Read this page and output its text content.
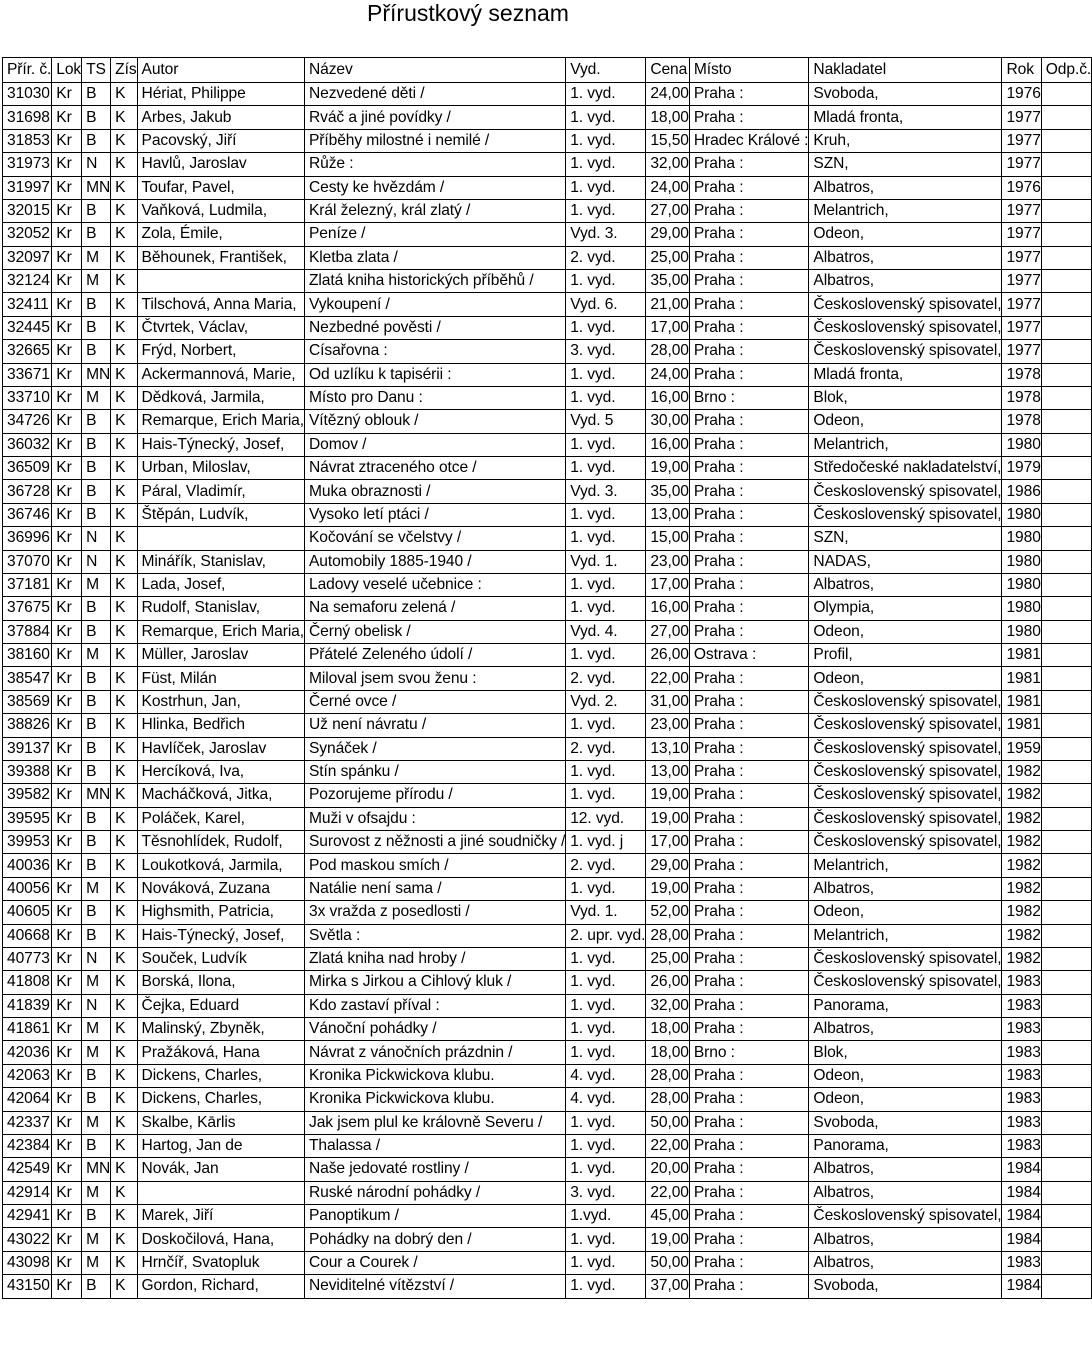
Přírustkový seznam
Přír. č.	Lok	TS	Zís	Autor	Název	Vyd.	Cena	Místo	Nakladatel	Rok	Odp.č.
31030	Kr	B	K	Hériat, Philippe	Nezvedené děti /	1. vyd.	24,00	Praha :	Svoboda,	1976	
31698	Kr	B	K	Arbes, Jakub	Rváč a jiné povídky /	1. vyd.	18,00	Praha :	Mladá fronta,	1977	
31853	Kr	B	K	Pacovský, Jiří	Příběhy milostné i nemilé /	1. vyd.	15,50	Hradec Králové :	Kruh,	1977	
31973	Kr	N	K	Havlů, Jaroslav	Růže :	1. vyd.	32,00	Praha :	SZN,	1977	
31997	Kr	MN	K	Toufar, Pavel,	Cesty ke hvězdám /	1. vyd.	24,00	Praha :	Albatros,	1976	
32015	Kr	B	K	Vaňková, Ludmila,	Král železný, král zlatý /	1. vyd.	27,00	Praha :	Melantrich,	1977	
32052	Kr	B	K	Zola, Émile,	Peníze /	Vyd. 3.	29,00	Praha :	Odeon,	1977	
32097	Kr	M	K	Běhounek, František,	Kletba zlata /	2. vyd.	25,00	Praha :	Albatros,	1977	
32124	Kr	M	K		Zlatá kniha historických příběhů /	1. vyd.	35,00	Praha :	Albatros,	1977	
32411	Kr	B	K	Tilschová, Anna Maria,	Vykoupení /	Vyd. 6.	21,00	Praha :	Československý spisovatel,	1977	
32445	Kr	B	K	Čtvrtek, Václav,	Nezbedné pověsti /	1. vyd.	17,00	Praha :	Československý spisovatel,	1977	
32665	Kr	B	K	Frýd, Norbert,	Císařovna :	3. vyd.	28,00	Praha :	Československý spisovatel,	1977	
33671	Kr	MN	K	Ackermannová, Marie,	Od uzlíku k tapisérii :	1. vyd.	24,00	Praha :	Mladá fronta,	1978	
33710	Kr	M	K	Dědková, Jarmila,	Místo pro Danu :	1. vyd.	16,00	Brno :	Blok,	1978	
34726	Kr	B	K	Remarque, Erich Maria,	Vítězný oblouk /	Vyd. 5	30,00	Praha :	Odeon,	1978	
36032	Kr	B	K	Hais-Týnecký, Josef,	Domov /	1. vyd.	16,00	Praha :	Melantrich,	1980	
36509	Kr	B	K	Urban, Miloslav,	Návrat ztraceného otce /	1. vyd.	19,00	Praha :	Středočeské nakladatelství,	1979	
36728	Kr	B	K	Páral, Vladimír,	Muka obraznosti /	Vyd. 3.	35,00	Praha :	Československý spisovatel,	1986	
36746	Kr	B	K	Štěpán, Ludvík,	Vysoko letí ptáci /	1. vyd.	13,00	Praha :	Československý spisovatel,	1980	
36996	Kr	N	K		Kočování se včelstvy /	1. vyd.	15,00	Praha :	SZN,	1980	
37070	Kr	N	K	Minářík, Stanislav,	Automobily 1885-1940 /	Vyd. 1.	23,00	Praha :	NADAS,	1980	
37181	Kr	M	K	Lada, Josef,	Ladovy veselé učebnice :	1. vyd.	17,00	Praha :	Albatros,	1980	
37675	Kr	B	K	Rudolf, Stanislav,	Na semaforu zelená /	1. vyd.	16,00	Praha :	Olympia,	1980	
37884	Kr	B	K	Remarque, Erich Maria,	Černý obelisk /	Vyd. 4.	27,00	Praha :	Odeon,	1980	
38160	Kr	M	K	Müller, Jaroslav	Přátelé Zeleného údolí /	1. vyd.	26,00	Ostrava :	Profil,	1981	
38547	Kr	B	K	Füst, Milán	Miloval jsem svou ženu :	2. vyd.	22,00	Praha :	Odeon,	1981	
38569	Kr	B	K	Kostrhun, Jan,	Černé ovce /	Vyd. 2.	31,00	Praha :	Československý spisovatel,	1981	
38826	Kr	B	K	Hlinka, Bedřich	Už není návratu /	1. vyd.	23,00	Praha :	Československý spisovatel,	1981	
39137	Kr	B	K	Havlíček, Jaroslav	Synáček /	2. vyd.	13,10	Praha :	Československý spisovatel,	1959	
39388	Kr	B	K	Hercíková, Iva,	Stín spánku /	1. vyd.	13,00	Praha :	Československý spisovatel,	1982	
39582	Kr	MN	K	Macháčková, Jitka,	Pozorujeme přírodu /	1. vyd.	19,00	Praha :	Československý spisovatel,	1982	
39595	Kr	B	K	Poláček, Karel,	Muži v ofsajdu :	12. vyd.	19,00	Praha :	Československý spisovatel,	1982	
39953	Kr	B	K	Těsnohlídek, Rudolf,	Surovost z něžnosti a jiné soudničky /	1. vyd. j	17,00	Praha :	Československý spisovatel,	1982	
40036	Kr	B	K	Loukotková, Jarmila,	Pod maskou smích /	2. vyd.	29,00	Praha :	Melantrich,	1982	
40056	Kr	M	K	Nováková, Zuzana	Natálie není sama /	1. vyd.	19,00	Praha :	Albatros,	1982	
40605	Kr	B	K	Highsmith, Patricia,	3x vražda z posedlosti /	Vyd. 1.	52,00	Praha :	Odeon,	1982	
40668	Kr	B	K	Hais-Týnecký, Josef,	Světla :	2. upr. vyd.	28,00	Praha :	Melantrich,	1982	
40773	Kr	N	K	Souček, Ludvík	Zlatá kniha nad hroby /	1. vyd.	25,00	Praha :	Československý spisovatel,	1982	
41808	Kr	M	K	Borská, Ilona,	Mirka s Jirkou a Cihlový kluk /	1. vyd.	26,00	Praha :	Československý spisovatel,	1983	
41839	Kr	N	K	Čejka, Eduard	Kdo zastaví příval :	1. vyd.	32,00	Praha :	Panorama,	1983	
41861	Kr	M	K	Malinský, Zbyněk,	Vánoční pohádky /	1. vyd.	18,00	Praha :	Albatros,	1983	
42036	Kr	M	K	Pražáková, Hana	Návrat z vánočních prázdnin /	1. vyd.	18,00	Brno :	Blok,	1983	
42063	Kr	B	K	Dickens, Charles,	Kronika Pickwickova klubu.	4. vyd.	28,00	Praha :	Odeon,	1983	
42064	Kr	B	K	Dickens, Charles,	Kronika Pickwickova klubu.	4. vyd.	28,00	Praha :	Odeon,	1983	
42337	Kr	M	K	Skalbe, Kārlis	Jak jsem plul ke královně Severu /	1. vyd.	50,00	Praha :	Svoboda,	1983	
42384	Kr	B	K	Hartog, Jan de	Thalassa /	1. vyd.	22,00	Praha :	Panorama,	1983	
42549	Kr	MN	K	Novák, Jan	Naše jedovaté rostliny /	1. vyd.	20,00	Praha :	Albatros,	1984	
42914	Kr	M	K		Ruské národní pohádky /	3. vyd.	22,00	Praha :	Albatros,	1984	
42941	Kr	B	K	Marek, Jiří	Panoptikum /	1.vyd.	45,00	Praha :	Československý spisovatel,	1984	
43022	Kr	M	K	Doskočilová, Hana,	Pohádky na dobrý den /	1. vyd.	19,00	Praha :	Albatros,	1984	
43098	Kr	M	K	Hrnčíř, Svatopluk	Cour a Courek /	1. vyd.	50,00	Praha :	Albatros,	1983	
43150	Kr	B	K	Gordon, Richard,	Neviditelné vítězství /	1. vyd.	37,00	Praha :	Svoboda,	1984	
